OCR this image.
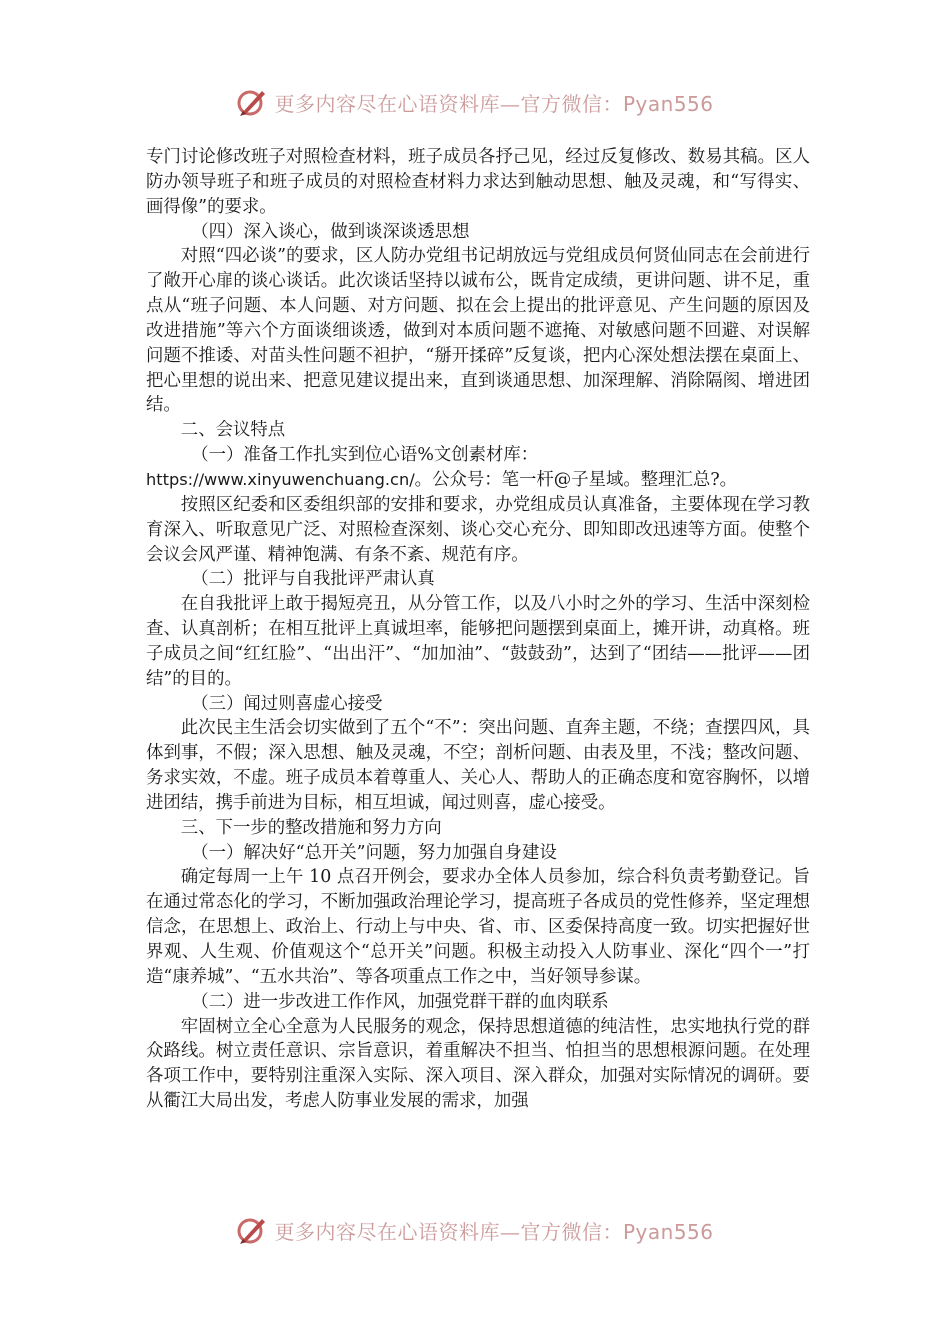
更多内容尽在心语资料库—官方微信：Pyan556

专门讨论修改班子对照检查材料，班子成员各抒己见，经过反复修改、数易其稿。区人防办领导班子和班子成员的对照检查材料力求达到触动思想、触及灵魂，和“写得实、画得像”的要求。

（四）深入谈心，做到谈深谈透思想

对照“四必谈”的要求，区人防办党组书记胡放远与党组成员何贤仙同志在会前进行了敞开心扉的谈心谈话。此次谈话坚持以诚布公，既肯定成绩，更讲问题、讲不足，重点从“班子问题、本人问题、对方问题、拟在会上提出的批评意见、产生问题的原因及改进措施”等六个方面谈细谈透，做到对本质问题不遮掩、对敏感问题不回避、对误解问题不推诿、对苗头性问题不袒护，“掰开揉碎”反复谈，把内心深处想法摆在桌面上、把心里想的说出来、把意见建议提出来，直到谈通思想、加深理解、消除隔阂、增进团结。

二、会议特点

（一）准备工作扎实到位心语%文创素材库：

https://www.xinyuwenchuang.cn/。公众号：笔一杆@子星域。整理汇总?。

按照区纪委和区委组织部的安排和要求，办党组成员认真准备，主要体现在学习教育深入、听取意见广泛、对照检查深刻、谈心交心充分、即知即改迅速等方面。使整个会议会风严谨、精神饱满、有条不紊、规范有序。

（二）批评与自我批评严肃认真

在自我批评上敢于揭短亮丑，从分管工作，以及八小时之外的学习、生活中深刻检查、认真剖析；在相互批评上真诚坦率，能够把问题摆到桌面上，摊开讲，动真格。班子成员之间“红红脸”、“出出汗”、“加加油”、“鼓鼓劲”，达到了“团结——批评——团结”的目的。

（三）闻过则喜虚心接受

此次民主生活会切实做到了五个“不”：突出问题、直奔主题，不绕；查摆四风，具体到事，不假；深入思想、触及灵魂，不空；剖析问题、由表及里，不浅；整改问题、务求实效，不虚。班子成员本着尊重人、关心人、帮助人的正确态度和宽容胸怀，以增进团结，携手前进为目标，相互坦诚，闻过则喜，虚心接受。

三、下一步的整改措施和努力方向

（一）解决好“总开关”问题，努力加强自身建设

确定每周一上午 10 点召开例会，要求办全体人员参加，综合科负责考勤登记。旨在通过常态化的学习，不断加强政治理论学习，提高班子各成员的党性修养，坚定理想信念，在思想上、政治上、行动上与中央、省、市、区委保持高度一致。切实把握好世界观、人生观、价值观这个“总开关”问题。积极主动投入人防事业、深化“四个一”打造“康养城”、“五水共治”、等各项重点工作之中，当好领导参谋。

（二）进一步改进工作作风，加强党群干群的血肉联系

牢固树立全心全意为人民服务的观念，保持思想道德的纯洁性，忠实地执行党的群众路线。树立责任意识、宗旨意识，着重解决不担当、怕担当的思想根源问题。在处理各项工作中，要特别注重深入实际、深入项目、深入群众，加强对实际情况的调研。要从衢江大局出发，考虑人防事业发展的需求，加强

更多内容尽在心语资料库—官方微信：Pyan556
